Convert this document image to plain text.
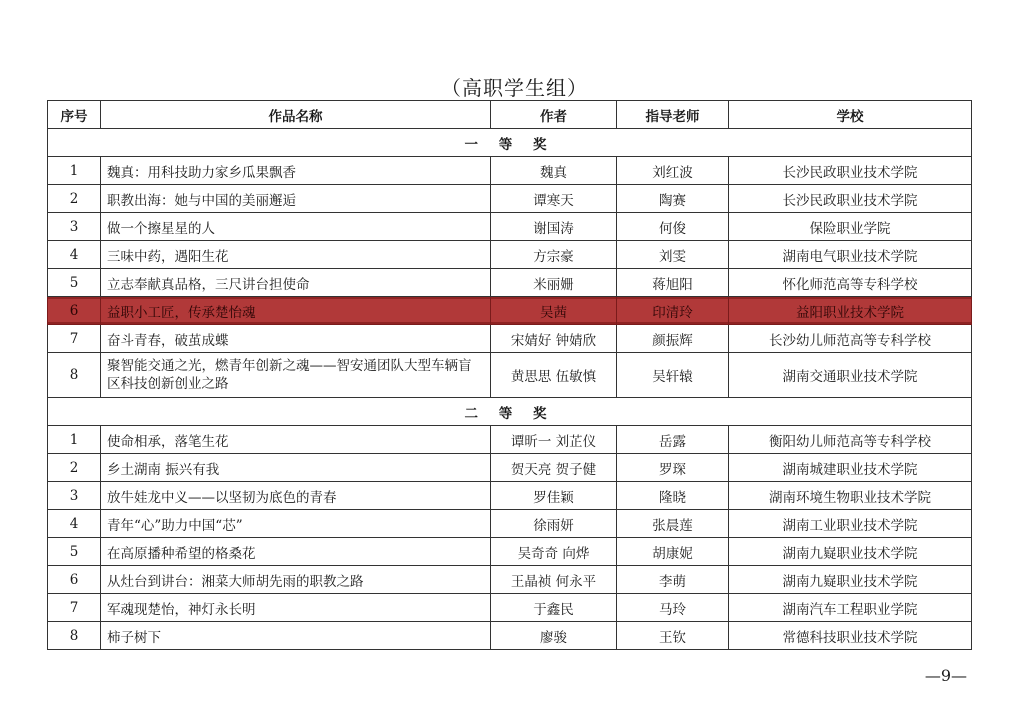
（高职学生组）
序号	作品名称	作者	指导老师	学校
一 等 奖				
1	魏真：用科技助力家乡瓜果飘香	魏真	刘红波	长沙民政职业技术学院
2	职教出海：她与中国的美丽邂逅	谭寒天	陶赛	长沙民政职业技术学院
3	做一个擦星星的人	谢国涛	何俊	保险职业学院
4	三味中药，遇阳生花	方宗豪	刘雯	湖南电气职业技术学院
5	立志奉献真品格，三尺讲台担使命	米丽姗	蒋旭阳	怀化师范高等专科学校
6	益职小工匠，传承楚怡魂	吴茜	印清玲	益阳职业技术学院
7	奋斗青春，破茧成蝶	宋婧好 钟婧欣	颜振辉	长沙幼儿师范高等专科学校
8	聚智能交通之光，燃青年创新之魂——智安通团队大型车辆盲区科技创新创业之路	黄思思 伍敏慎	吴轩辕	湖南交通职业技术学院
二 等 奖				
1	使命相承，落笔生花	谭昕一 刘芷仪	岳露	衡阳幼儿师范高等专科学校
2	乡土湖南 振兴有我	贺天亮 贺子健	罗琛	湖南城建职业技术学院
3	放牛娃龙中义——以坚韧为底色的青春	罗佳颖	隆晓	湖南环境生物职业技术学院
4	青年“心”助力中国“芯”	徐雨妍	张晨莲	湖南工业职业技术学院
5	在高原播种希望的格桑花	吴奇奇 向烨	胡康妮	湖南九嶷职业技术学院
6	从灶台到讲台：湘菜大师胡先雨的职教之路	王晶祯 何永平	李萌	湖南九嶷职业技术学院
7	军魂现楚怡，神灯永长明	于鑫民	马玲	湖南汽车工程职业学院
8	柿子树下	廖骏	王钦	常德科技职业技术学院
—9—
